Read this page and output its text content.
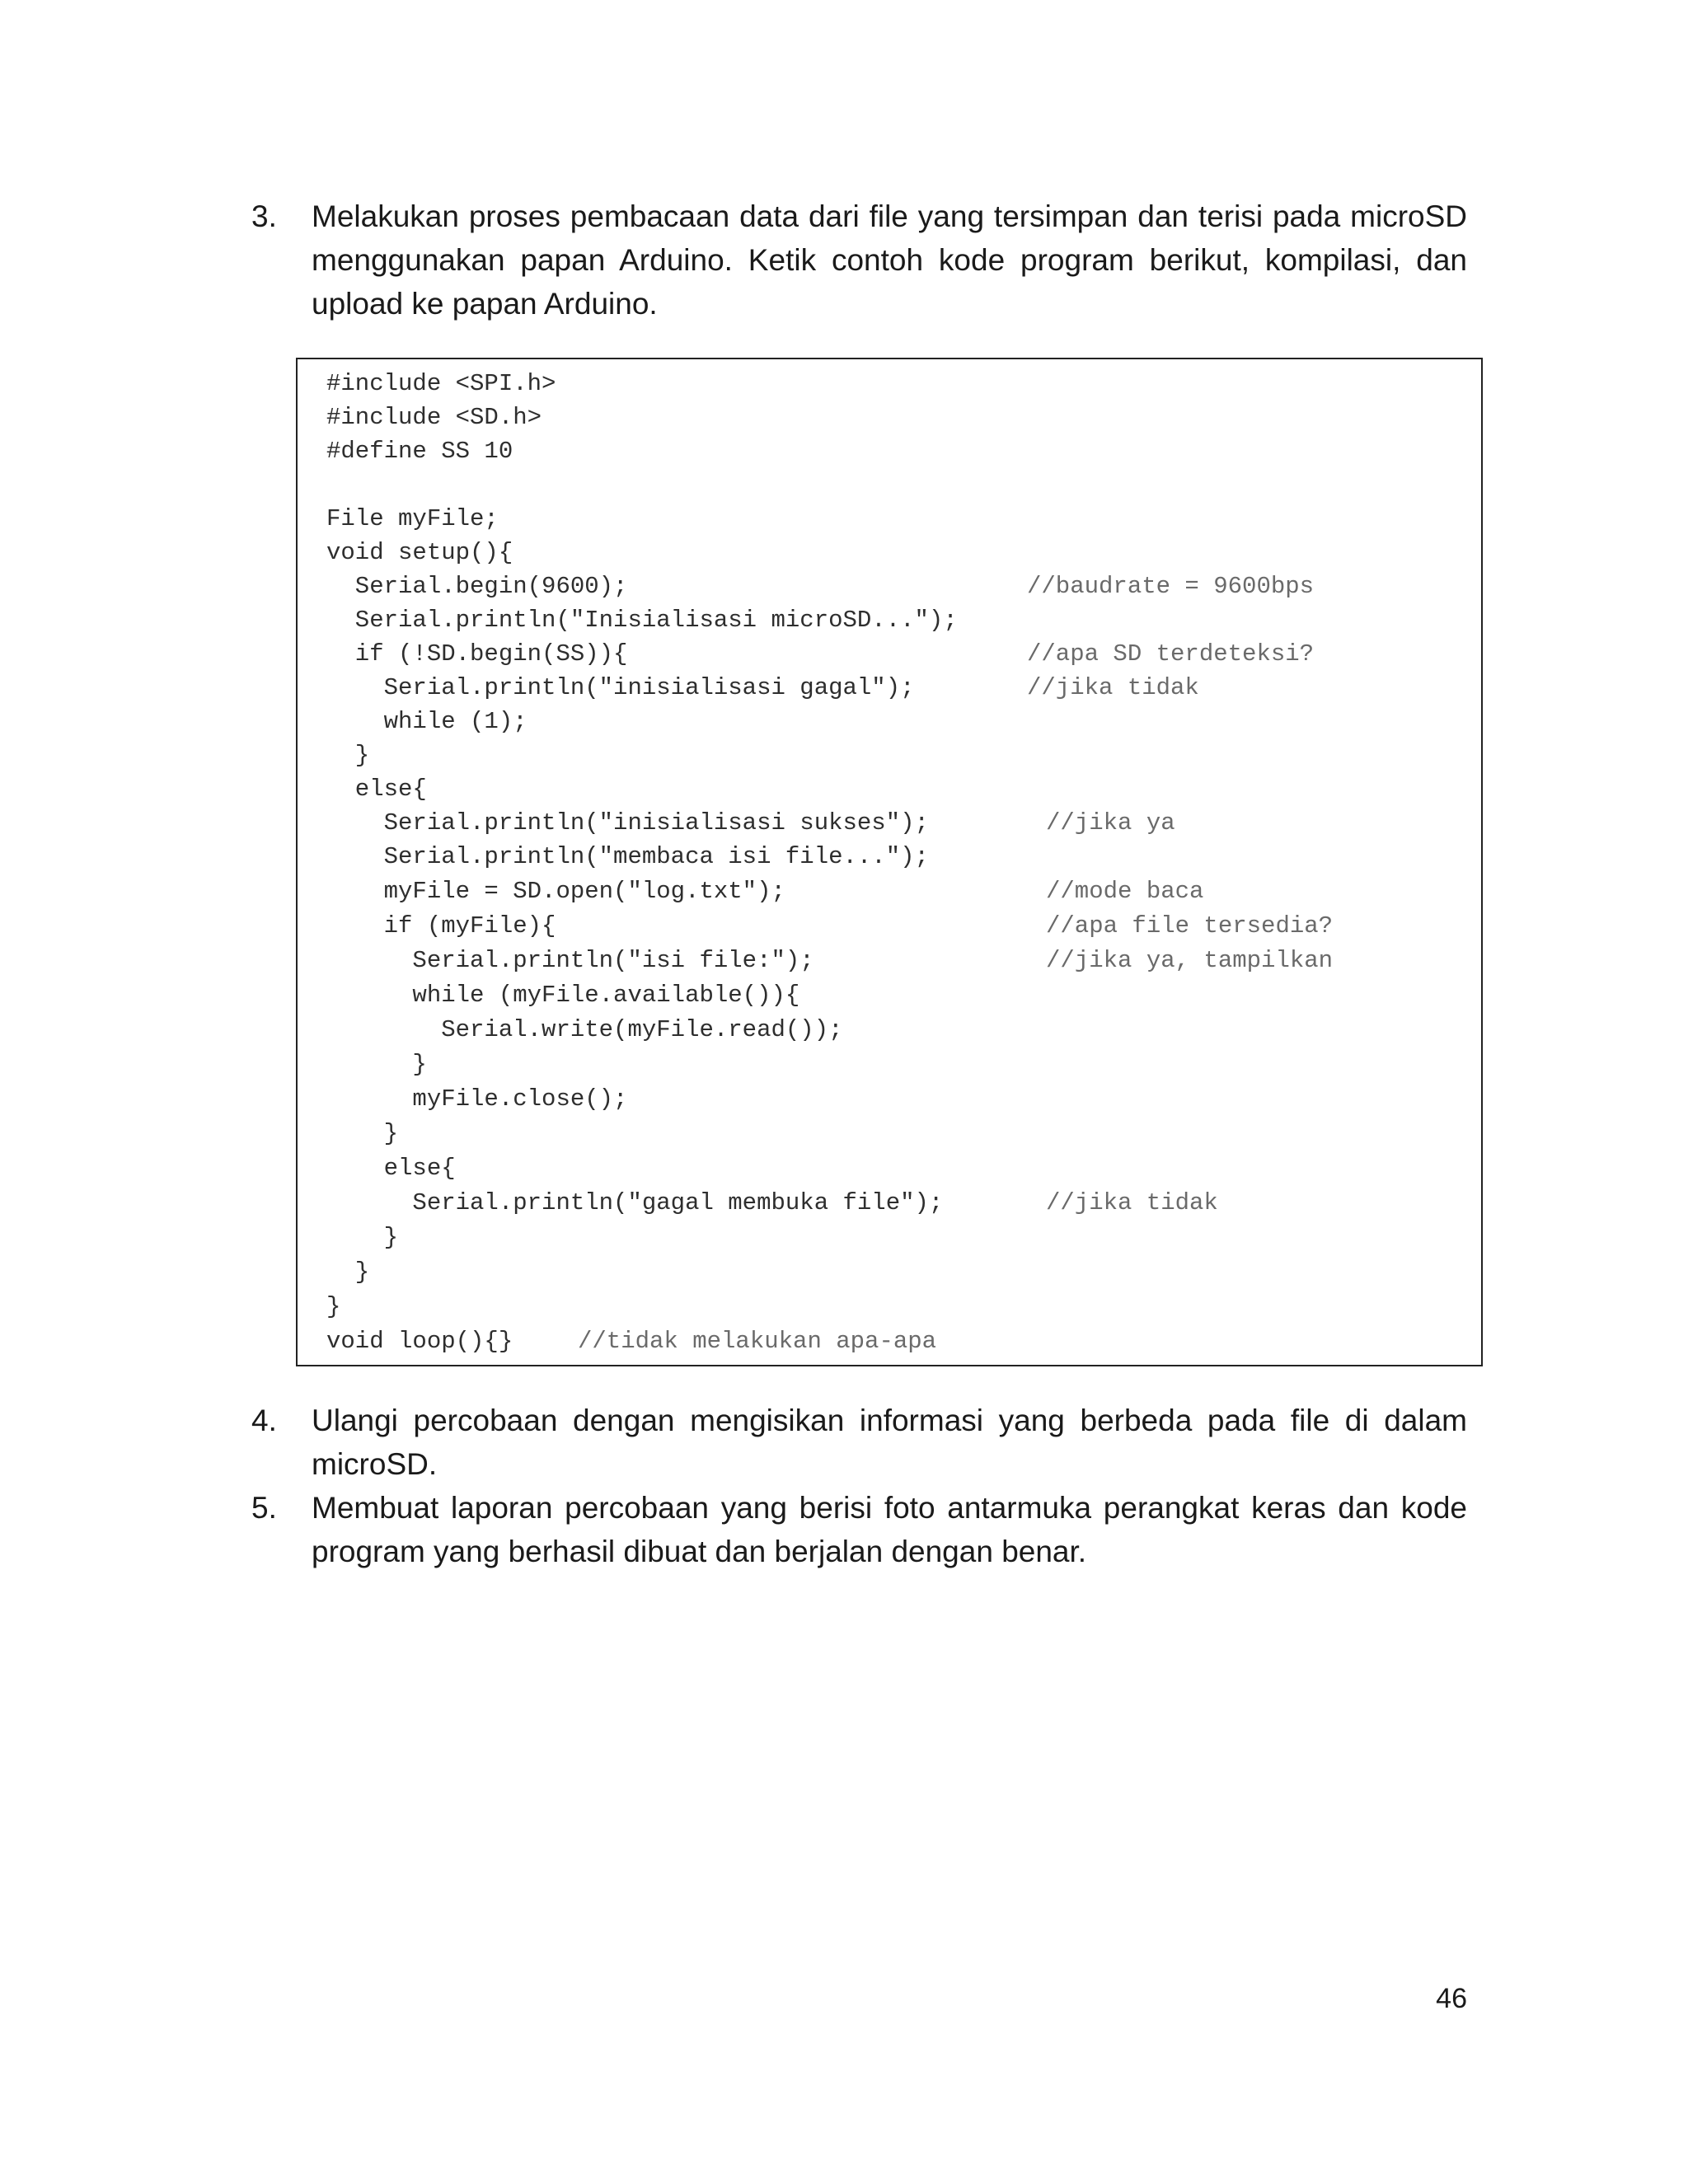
3.	Melakukan proses pembacaan data dari file yang tersimpan dan terisi pada microSD menggunakan papan Arduino. Ketik contoh kode program berikut, kompilasi, dan upload ke papan Arduino.
#include <SPI.h>
#include <SD.h>
#define SS 10
File myFile;
void setup(){
Serial.begin(9600);
Serial.println("Inisialisasi microSD...");
if (!SD.begin(SS)){
Serial.println("inisialisasi gagal");
while (1);
}
else{
Serial.println("inisialisasi sukses");
Serial.println("membaca isi file...");
myFile = SD.open("log.txt");
if (myFile){
Serial.println("isi file:");
while (myFile.available()){
Serial.write(myFile.read());
}
myFile.close();
}
else{
Serial.println("gagal membuka file");
}
}
}
void loop(){}
//baudrate = 9600bps
//apa SD terdeteksi?
//jika tidak
//jika ya
//mode baca
//apa file tersedia?
//jika ya, tampilkan
//jika tidak
//tidak melakukan apa-apa
4.	Ulangi percobaan dengan mengisikan informasi yang berbeda pada file di dalam microSD.
5.	Membuat laporan percobaan yang berisi foto antarmuka perangkat keras dan kode program yang berhasil dibuat dan berjalan dengan benar.
46
